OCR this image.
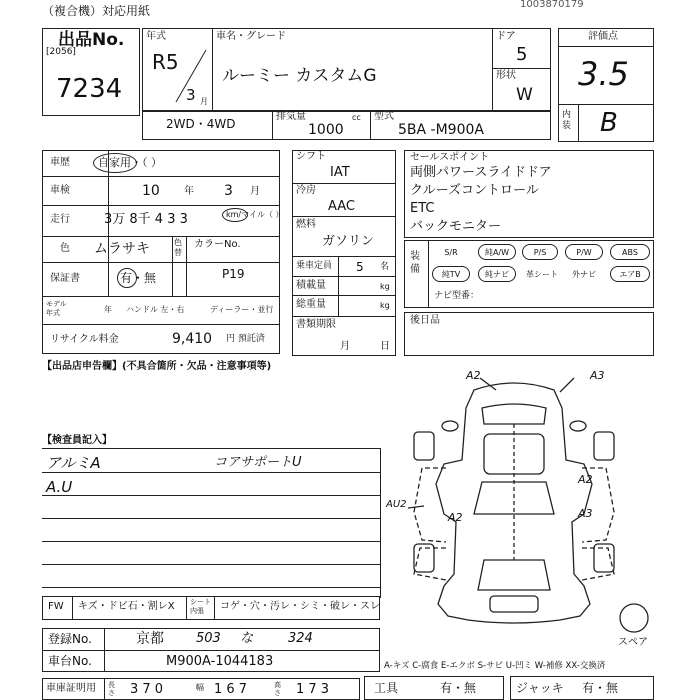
（複合機）対応用紙	1003870179
出品No.
[2056]
7234
年式
R5
3 月
車名・グレード
ルーミー カスタムG
ドア
5
形状
W
2WD・4WD
排気量	cc
1000
型式
5BA -M900A
評価点
3.5
内装 B
車歴	自家用・（ ）
車検	10 年 3 月
走行	3万 8千 4 3 3	km/マイル（ ）
色 ムラサキ	色替
カラーNo.
P19
保証書	有・無
モデル年式	年 ハンドル 左・右	ディーラー・並行
リサイクル料金	9,410 円 預託済
シフト
IAT
冷房
AAC
燃料
ガソリン
乗車定員 5 名
積載量	kg
総重量	kg
書類期限
月	日
セールスポイント
両側パワースライドドア
クルーズコントロール
ETC
バックモニター
装備
S/R	純A/W	P/S	P/W	ABS
純TV	純ナビ	革シート	外ナビ	エアB
ナビ型番：
後日品
【出品店申告欄】(不具合箇所・欠品・注意事項等)
【検査員記入】
アルミA
A.U
コアサポートU
A2	A3
A2
AU2
A2	A3
スペア
FW キズ・ドビ石・割レX シート内張	コゲ・穴・汚レ・シミ・破レ・スレ
登録No.	京都 503 な	324
車台No.	M900A-1044183	A-キズ C-腐食 E-エクボ S-サビ U-凹ミ W-補修 XX-交換済
車庫証明用 長さ 3 7 0	幅 1 6 7	高さ 1 7 3	工具	有・無	ジャッキ 有・無
